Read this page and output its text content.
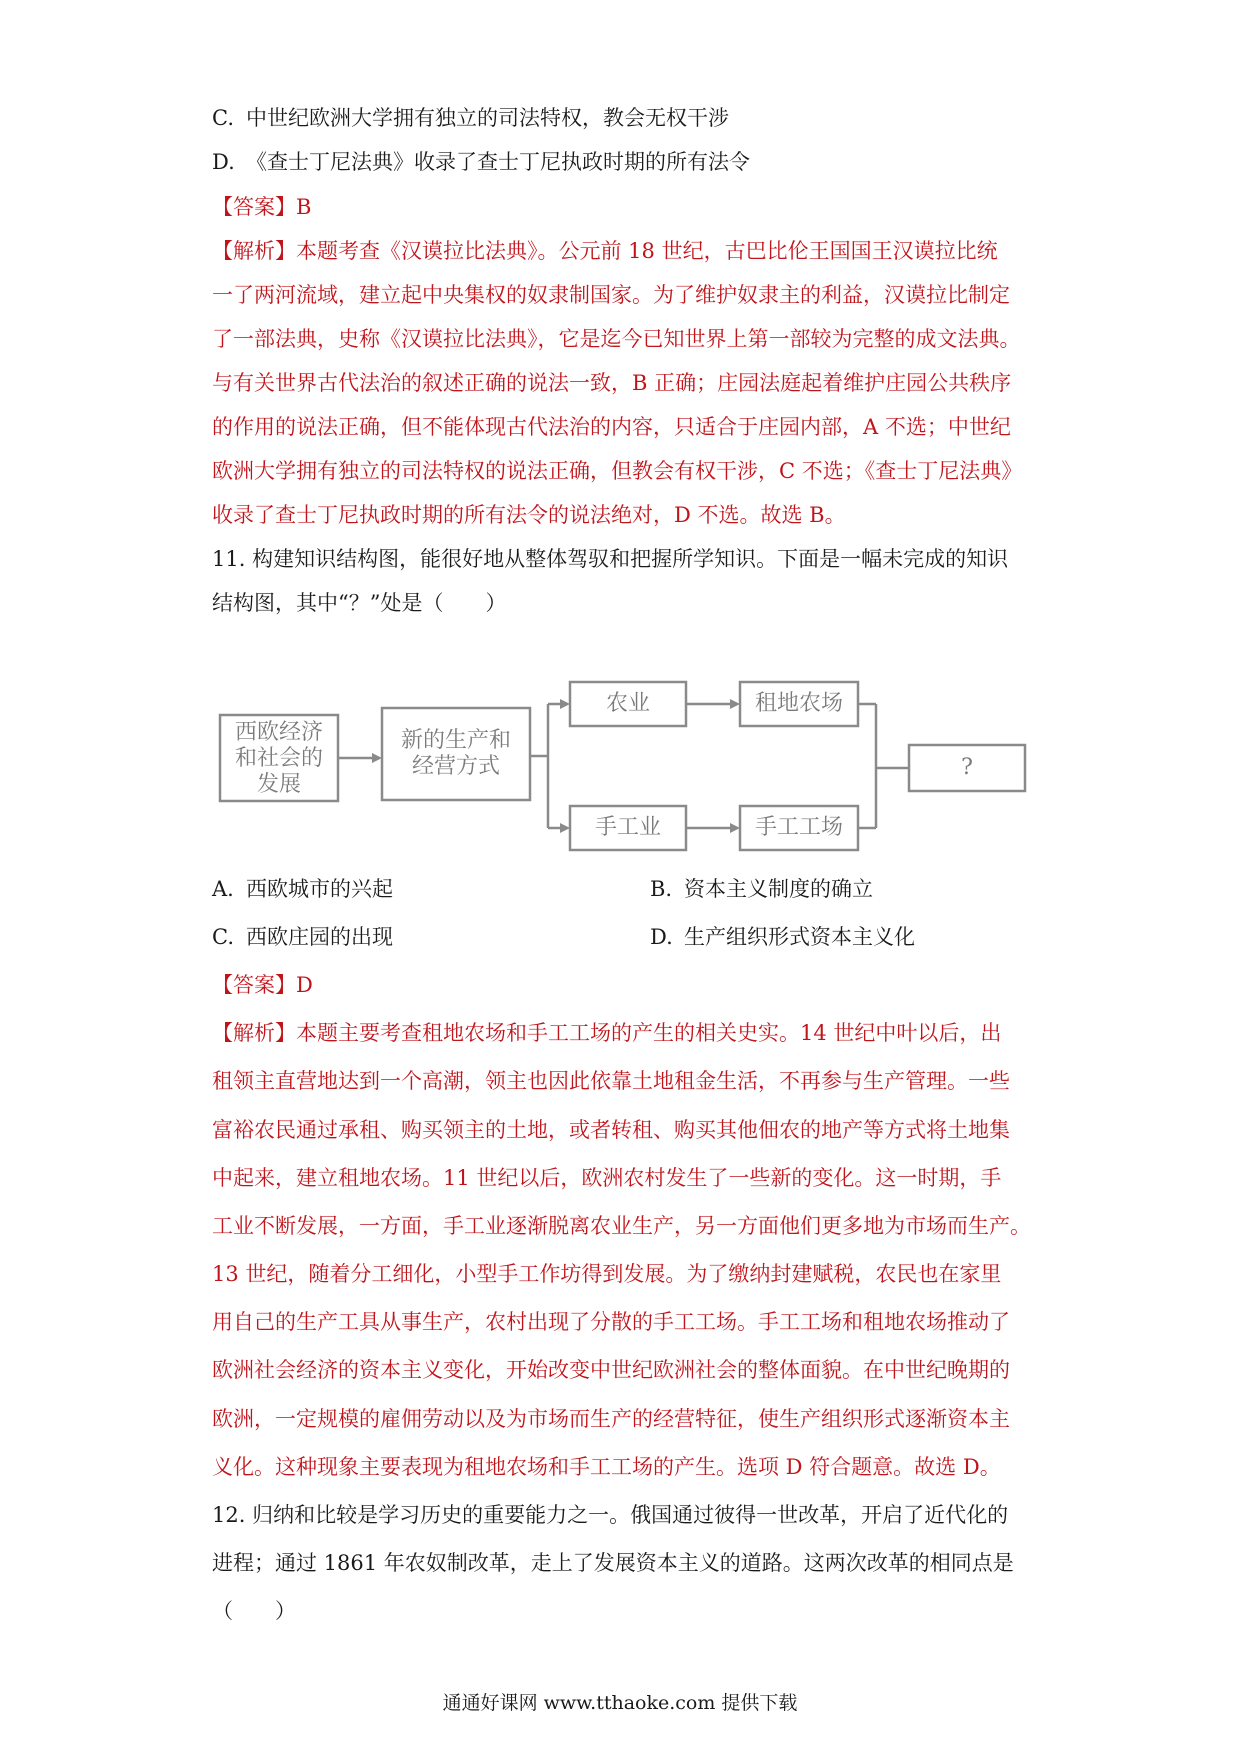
C. 中世纪欧洲大学拥有独立的司法特权，教会无权干涉
D. 《查士丁尼法典》收录了查士丁尼执政时期的所有法令
【答案】B
【解析】本题考查《汉谟拉比法典》。公元前 18 世纪，古巴比伦王国国王汉谟拉比统
一了两河流域，建立起中央集权的奴隶制国家。为了维护奴隶主的利益，汉谟拉比制定
了一部法典，史称《汉谟拉比法典》，它是迄今已知世界上第一部较为完整的成文法典。
与有关世界古代法治的叙述正确的说法一致，B 正确；庄园法庭起着维护庄园公共秩序
的作用的说法正确，但不能体现古代法治的内容，只适合于庄园内部，A 不选；中世纪
欧洲大学拥有独立的司法特权的说法正确，但教会有权干涉，C 不选；《查士丁尼法典》
收录了查士丁尼执政时期的所有法令的说法绝对，D 不选。故选 B。
11. 构建知识结构图，能很好地从整体驾驭和把握所学知识。下面是一幅未完成的知识
结构图，其中“？”处是（　　）
西欧经济
和社会的
发展
新的生产和
经营方式
农业	租地农场
手工业	手工工场
?
A. 西欧城市的兴起	B. 资本主义制度的确立
C. 西欧庄园的出现	D. 生产组织形式资本主义化
【答案】D
【解析】本题主要考查租地农场和手工工场的产生的相关史实。14 世纪中叶以后，出
租领主直营地达到一个高潮，领主也因此依靠土地租金生活，不再参与生产管理。一些
富裕农民通过承租、购买领主的土地，或者转租、购买其他佃农的地产等方式将土地集
中起来，建立租地农场。11 世纪以后，欧洲农村发生了一些新的变化。这一时期，手
工业不断发展，一方面，手工业逐渐脱离农业生产，另一方面他们更多地为市场而生产。
13 世纪，随着分工细化，小型手工作坊得到发展。为了缴纳封建赋税，农民也在家里
用自己的生产工具从事生产，农村出现了分散的手工工场。手工工场和租地农场推动了
欧洲社会经济的资本主义变化，开始改变中世纪欧洲社会的整体面貌。在中世纪晚期的
欧洲，一定规模的雇佣劳动以及为市场而生产的经营特征，使生产组织形式逐渐资本主
义化。这种现象主要表现为租地农场和手工工场的产生。选项 D 符合题意。故选 D。
12. 归纳和比较是学习历史的重要能力之一。俄国通过彼得一世改革，开启了近代化的
进程；通过 1861 年农奴制改革，走上了发展资本主义的道路。这两次改革的相同点是
（　　）
通通好课网 www.tthaoke.com 提供下载
